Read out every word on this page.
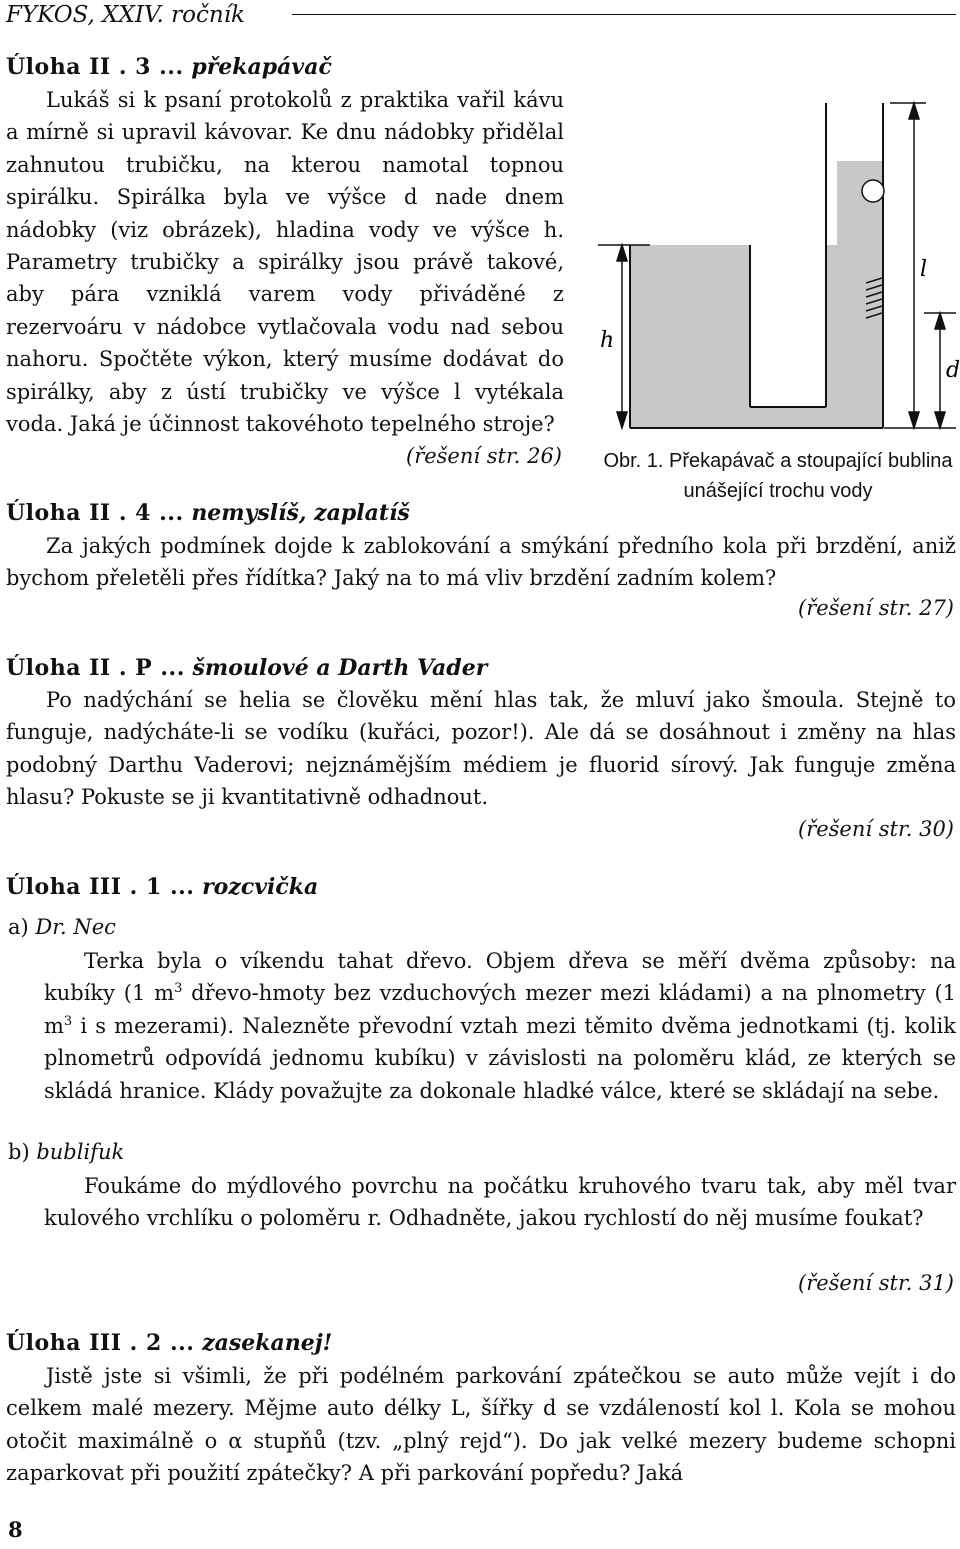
FYKOS, XXIV. ročník
Úloha II . 3 ... překapávač

Lukáš si k psaní protokolů z praktika vařil kávu a mírně si upravil kávovar. Ke dnu nádobky přidělal zahnutou trubičku, na kterou namotal topnou spirálku. Spirálka byla ve výšce d nade dnem nádobky (viz obrázek), hladina vody ve výšce h. Parametry trubičky a spirálky jsou právě takové, aby pára vzniklá varem vody přiváděné z rezervoáru v nádobce vytlačovala vodu nad sebou nahoru. Spočtěte výkon, který musíme dodávat do spirálky, aby z ústí trubičky ve výšce l vytékala voda. Jaká je účinnost takovéhoto tepelného stroje?
(řešení str. 26)

h
l
d
Obr. 1. Překapávač a stoupající bublina unášející trochu vody
Úloha II . 4 ... nemyslíš, zaplatíš

Za jakých podmínek dojde k zablokování a smýkání předního kola při brzdění, aniž bychom přeletěli přes řídítka? Jaký na to má vliv brzdění zadním kolem?

(řešení str. 27)
Úloha II . P ... šmoulové a Darth Vader

Po nadýchání se helia se člověku mění hlas tak, že mluví jako šmoula. Stejně to funguje, nadýcháte-li se vodíku (kuřáci, pozor!). Ale dá se dosáhnout i změny na hlas podobný Darthu Vaderovi; nejznámějším médiem je fluorid sírový. Jak funguje změna hlasu? Pokuste se ji kvantitativně odhadnout.

(řešení str. 30)
Úloha III . 1 ... rozcvička
a) Dr. Nec

Terka byla o víkendu tahat dřevo. Objem dřeva se měří dvěma způsoby: na kubíky (1 $m^3$ dřevo-hmoty bez vzduchových mezer mezi kládami) a na plnometry (1 $m^3$ i s mezerami). Nalezněte převodní vztah mezi těmito dvěma jednotkami (tj. kolik plnometrů odpovídá jednomu kubíku) v závislosti na poloměru klád, ze kterých se skládá hranice. Klády považujte za dokonale hladké válce, které se skládají na sebe.

b) bublifuk

Foukáme do mýdlového povrchu na počátku kruhového tvaru tak, aby měl tvar kulového vrchlíku o poloměru r. Odhadněte, jakou rychlostí do něj musíme foukat?

(řešení str. 31)
Úloha III . 2 ... zasekanej!

Jistě jste si všimli, že při podélném parkování zpátečkou se auto může vejít i do celkem malé mezery. Mějme auto délky L, šířky d se vzdáleností kol l. Kola se mohou otočit maximálně o α stupňů (tzv. „plný rejd“). Do jak velké mezery budeme schopni zaparkovat při použití zpátečky? A při parkování popředu? Jaká

8
